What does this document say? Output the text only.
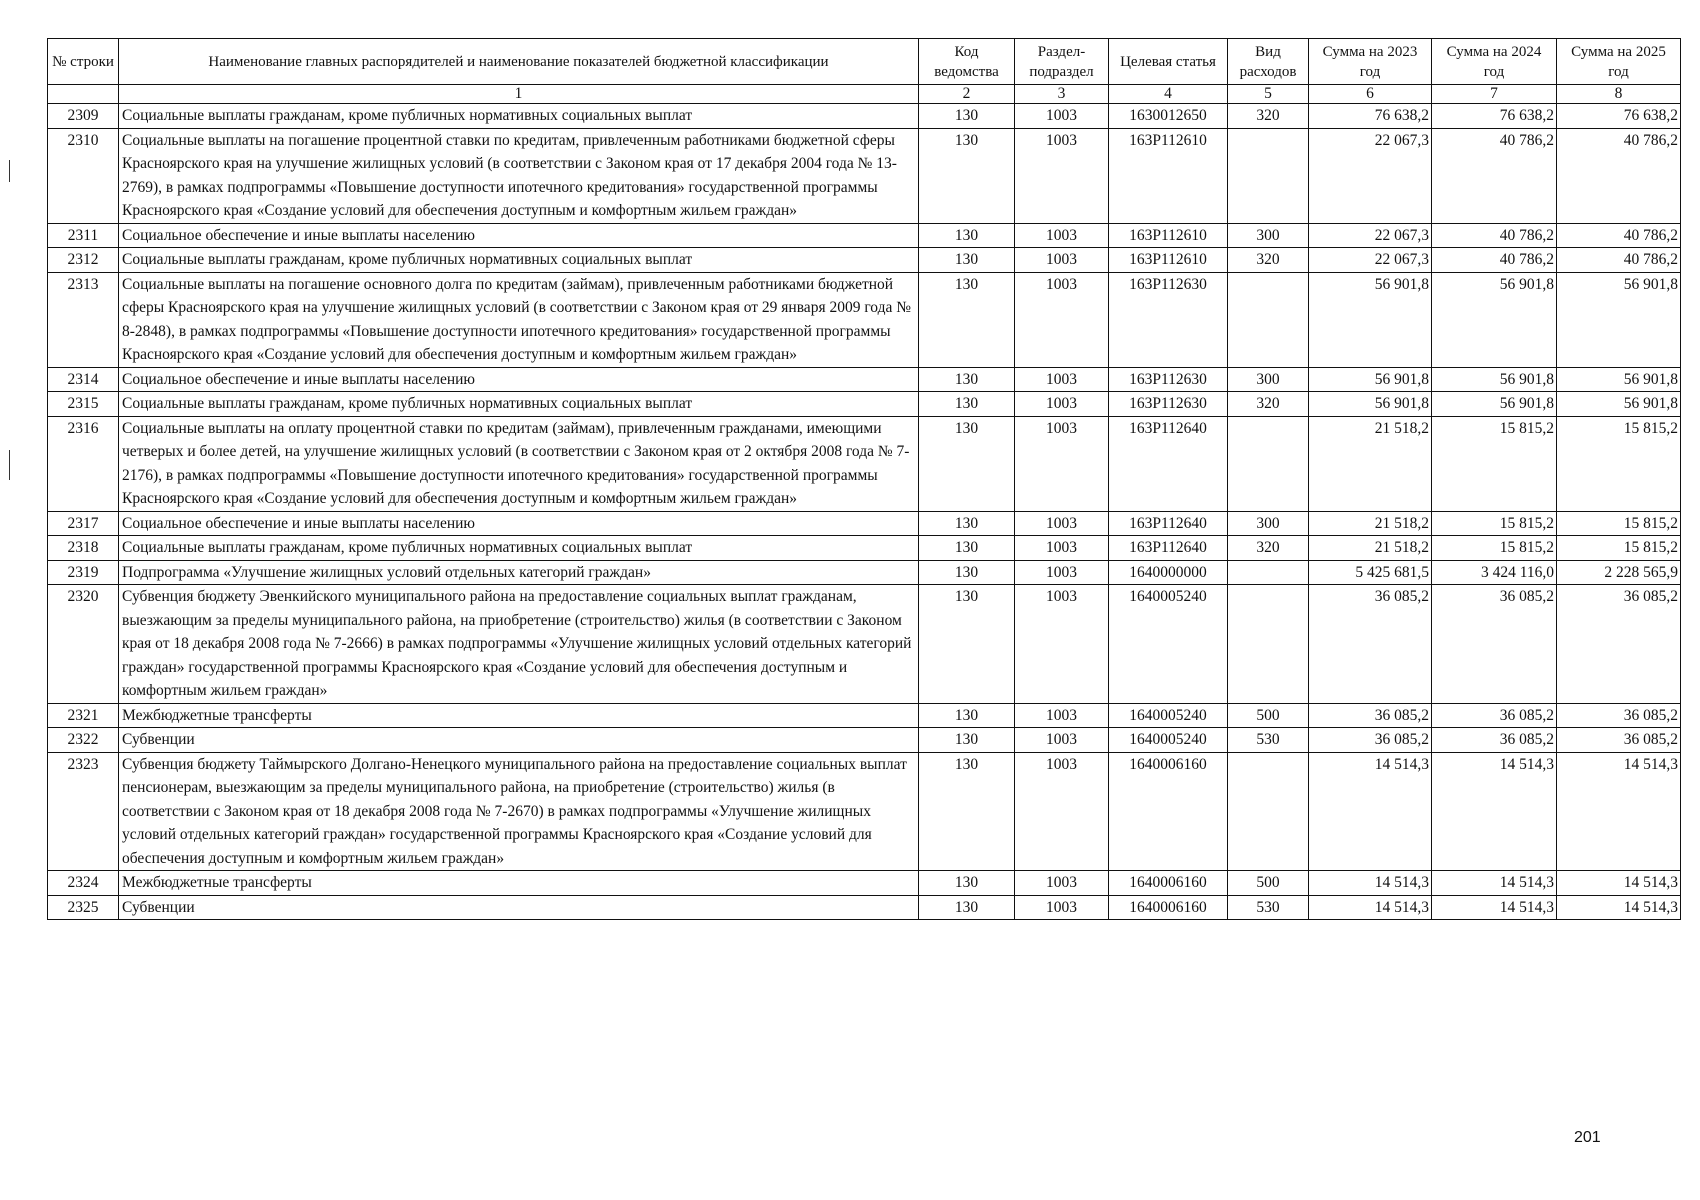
№ строки	Наименование главных распорядителей и наименование показателей бюджетной классификации	Код ведомства	Раздел-подраздел	Целевая статья	Вид расходов	Сумма на 2023 год	Сумма на 2024 год	Сумма на 2025 год
	1	2	3	4	5	6	7	8
2309	Социальные выплаты гражданам, кроме публичных нормативных социальных выплат	130	1003	1630012650	320	76 638,2	76 638,2	76 638,2
2310	Социальные выплаты на погашение процентной ставки по кредитам, привлеченным работниками бюджетной сферы Красноярского края на улучшение жилищных условий (в соответствии с Законом края от 17 декабря 2004 года № 13-2769), в рамках подпрограммы «Повышение доступности ипотечного кредитования» государственной программы Красноярского края «Создание условий для обеспечения доступным и комфортным жильем граждан»	130	1003	163P112610		22 067,3	40 786,2	40 786,2
2311	Социальное обеспечение и иные выплаты населению	130	1003	163P112610	300	22 067,3	40 786,2	40 786,2
2312	Социальные выплаты гражданам, кроме публичных нормативных социальных выплат	130	1003	163P112610	320	22 067,3	40 786,2	40 786,2
2313	Социальные выплаты на погашение основного долга по кредитам (займам), привлеченным работниками бюджетной сферы Красноярского края на улучшение жилищных условий (в соответствии с Законом края от 29 января 2009 года № 8-2848), в рамках подпрограммы «Повышение доступности ипотечного кредитования» государственной программы Красноярского края «Создание условий для обеспечения доступным и комфортным жильем граждан»	130	1003	163P112630		56 901,8	56 901,8	56 901,8
2314	Социальное обеспечение и иные выплаты населению	130	1003	163P112630	300	56 901,8	56 901,8	56 901,8
2315	Социальные выплаты гражданам, кроме публичных нормативных социальных выплат	130	1003	163P112630	320	56 901,8	56 901,8	56 901,8
2316	Социальные выплаты на оплату процентной ставки по кредитам (займам), привлеченным гражданами, имеющими четверых и более детей, на улучшение жилищных условий (в соответствии с Законом края от 2 октября 2008 года № 7-2176), в рамках подпрограммы «Повышение доступности ипотечного кредитования» государственной программы Красноярского края «Создание условий для обеспечения доступным и комфортным жильем граждан»	130	1003	163P112640		21 518,2	15 815,2	15 815,2
2317	Социальное обеспечение и иные выплаты населению	130	1003	163P112640	300	21 518,2	15 815,2	15 815,2
2318	Социальные выплаты гражданам, кроме публичных нормативных социальных выплат	130	1003	163P112640	320	21 518,2	15 815,2	15 815,2
2319	Подпрограмма «Улучшение жилищных условий отдельных категорий граждан»	130	1003	1640000000		5 425 681,5	3 424 116,0	2 228 565,9
2320	Субвенция бюджету Эвенкийского муниципального района на предоставление социальных выплат гражданам, выезжающим за пределы муниципального района, на приобретение (строительство) жилья (в соответствии с Законом края от 18 декабря 2008 года № 7-2666) в рамках подпрограммы «Улучшение жилищных условий отдельных категорий граждан» государственной программы Красноярского края «Создание условий для обеспечения доступным и комфортным жильем граждан»	130	1003	1640005240		36 085,2	36 085,2	36 085,2
2321	Межбюджетные трансферты	130	1003	1640005240	500	36 085,2	36 085,2	36 085,2
2322	Субвенции	130	1003	1640005240	530	36 085,2	36 085,2	36 085,2
2323	Субвенция бюджету Таймырского Долгано-Ненецкого муниципального района на предоставление социальных выплат пенсионерам, выезжающим за пределы муниципального района, на приобретение (строительство) жилья (в соответствии с Законом края от 18 декабря 2008 года № 7-2670) в рамках подпрограммы «Улучшение жилищных условий отдельных категорий граждан» государственной программы Красноярского края «Создание условий для обеспечения доступным и комфортным жильем граждан»	130	1003	1640006160		14 514,3	14 514,3	14 514,3
2324	Межбюджетные трансферты	130	1003	1640006160	500	14 514,3	14 514,3	14 514,3
2325	Субвенции	130	1003	1640006160	530	14 514,3	14 514,3	14 514,3
201
